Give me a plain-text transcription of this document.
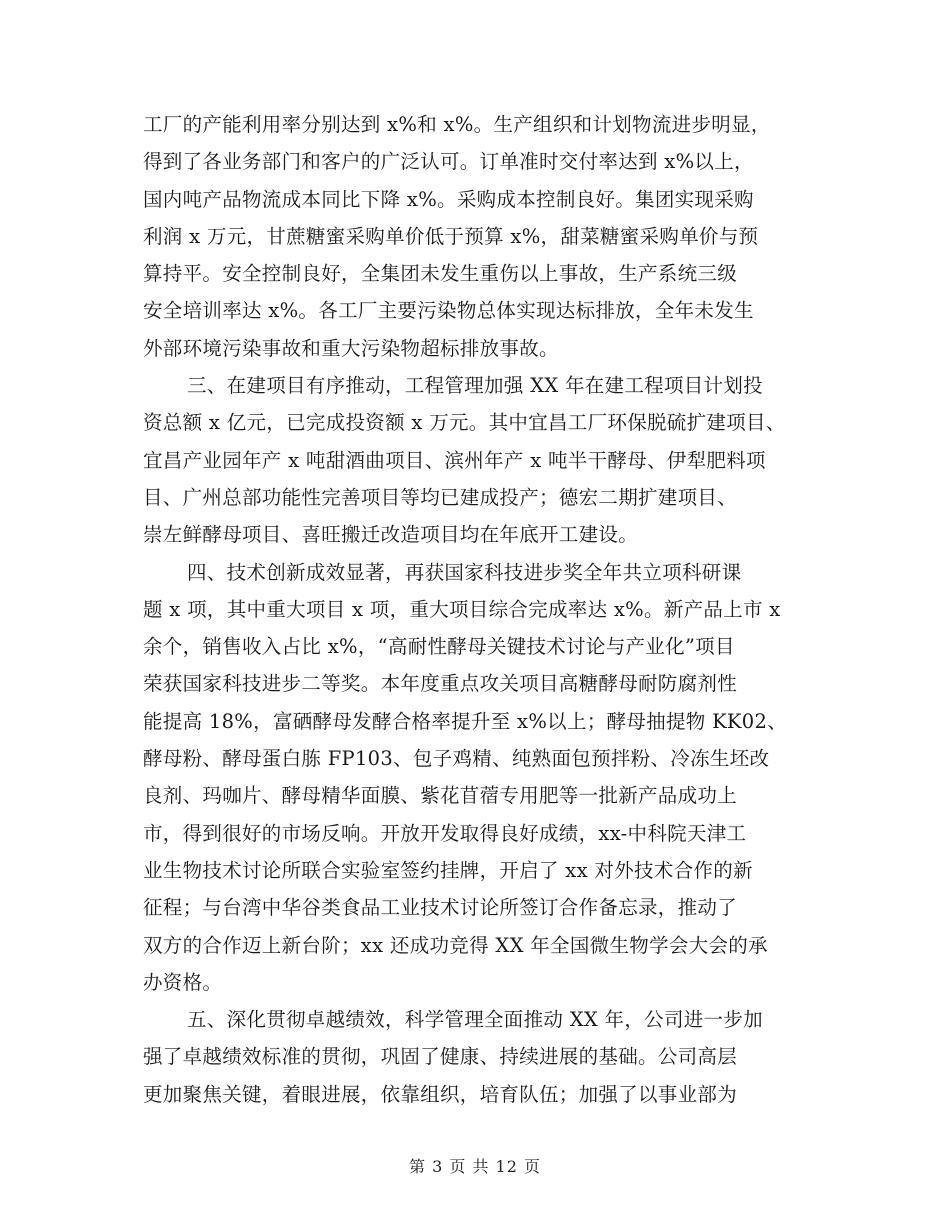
工厂的产能利用率分别达到 x%和 x%。生产组织和计划物流进步明显，
得到了各业务部门和客户的广泛认可。订单准时交付率达到 x%以上，
国内吨产品物流成本同比下降 x%。采购成本控制良好。集团实现采购
利润 x 万元，甘蔗糖蜜采购单价低于预算 x%，甜菜糖蜜采购单价与预
算持平。安全控制良好，全集团未发生重伤以上事故，生产系统三级
安全培训率达 x%。各工厂主要污染物总体实现达标排放，全年未发生
外部环境污染事故和重大污染物超标排放事故。
三、在建项目有序推动，工程管理加强 XX 年在建工程项目计划投
资总额 x 亿元，已完成投资额 x 万元。其中宜昌工厂环保脱硫扩建项目、
宜昌产业园年产 x 吨甜酒曲项目、滨州年产 x 吨半干酵母、伊犁肥料项
目、广州总部功能性完善项目等均已建成投产；德宏二期扩建项目、
崇左鲜酵母项目、喜旺搬迁改造项目均在年底开工建设。
四、技术创新成效显著，再获国家科技进步奖全年共立项科研课
题 x 项，其中重大项目 x 项，重大项目综合完成率达 x%。新产品上市 x
余个，销售收入占比 x%，“高耐性酵母关键技术讨论与产业化”项目
荣获国家科技进步二等奖。本年度重点攻关项目高糖酵母耐防腐剂性
能提高 18%，富硒酵母发酵合格率提升至 x%以上；酵母抽提物 KK02、
酵母粉、酵母蛋白胨 FP103、包子鸡精、纯熟面包预拌粉、冷冻生坯改
良剂、玛咖片、酵母精华面膜、紫花苜蓿专用肥等一批新产品成功上
市，得到很好的市场反响。开放开发取得良好成绩，xx-中科院天津工
业生物技术讨论所联合实验室签约挂牌，开启了 xx 对外技术合作的新
征程；与台湾中华谷类食品工业技术讨论所签订合作备忘录，推动了
双方的合作迈上新台阶；xx 还成功竞得 XX 年全国微生物学会大会的承
办资格。
五、深化贯彻卓越绩效，科学管理全面推动 XX 年，公司进一步加
强了卓越绩效标准的贯彻，巩固了健康、持续进展的基础。公司高层
更加聚焦关键，着眼进展，依靠组织，培育队伍；加强了以事业部为
第 3 页 共 12 页
